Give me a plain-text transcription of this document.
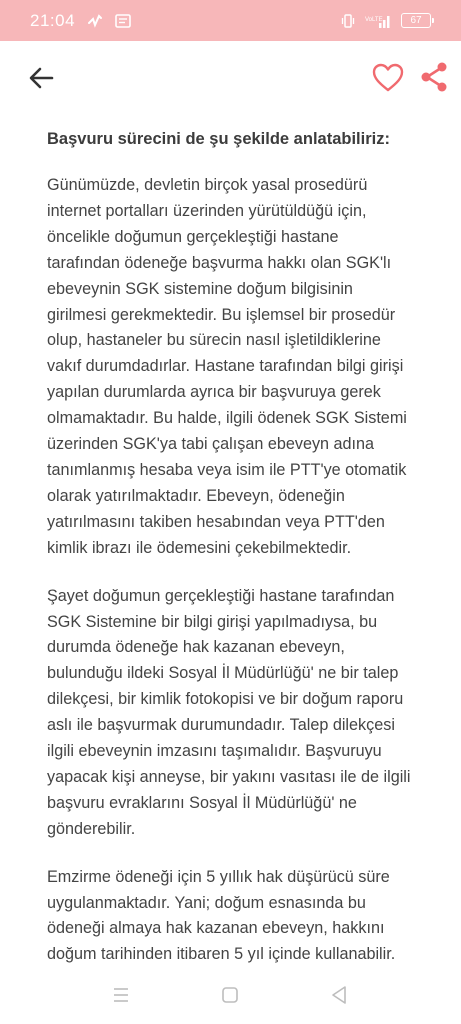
21:04	VoLTE	67
Başvuru sürecini de şu şekilde anlatabiliriz:

Günümüzde, devletin birçok yasal prosedürü
internet portalları üzerinden yürütüldüğü için,
öncelikle doğumun gerçekleştiği hastane
tarafından ödeneğe başvurma hakkı olan SGK'lı
ebeveynin SGK sistemine doğum bilgisinin
girilmesi gerekmektedir. Bu işlemsel bir prosedür
olup, hastaneler bu sürecin nasıl işletildiklerine
vakıf durumdadırlar. Hastane tarafından bilgi girişi
yapılan durumlarda ayrıca bir başvuruya gerek
olmamaktadır. Bu halde, ilgili ödenek SGK Sistemi
üzerinden SGK'ya tabi çalışan ebeveyn adına
tanımlanmış hesaba veya isim ile PTT'ye otomatik
olarak yatırılmaktadır. Ebeveyn, ödeneğin
yatırılmasını takiben hesabından veya PTT'den
kimlik ibrazı ile ödemesini çekebilmektedir.

Şayet doğumun gerçekleştiği hastane tarafından
SGK Sistemine bir bilgi girişi yapılmadıysa, bu
durumda ödeneğe hak kazanan ebeveyn,
bulunduğu ildeki Sosyal İl Müdürlüğü' ne bir talep
dilekçesi, bir kimlik fotokopisi ve bir doğum raporu
aslı ile başvurmak durumundadır. Talep dilekçesi
ilgili ebeveynin imzasını taşımalıdır. Başvuruyu
yapacak kişi anneyse, bir yakını vasıtası ile de ilgili
başvuru evraklarını Sosyal İl Müdürlüğü' ne
gönderebilir.

Emzirme ödeneği için 5 yıllık hak düşürücü süre
uygulanmaktadır. Yani; doğum esnasında bu
ödeneği almaya hak kazanan ebeveyn, hakkını
doğum tarihinden itibaren 5 yıl içinde kullanabilir.
